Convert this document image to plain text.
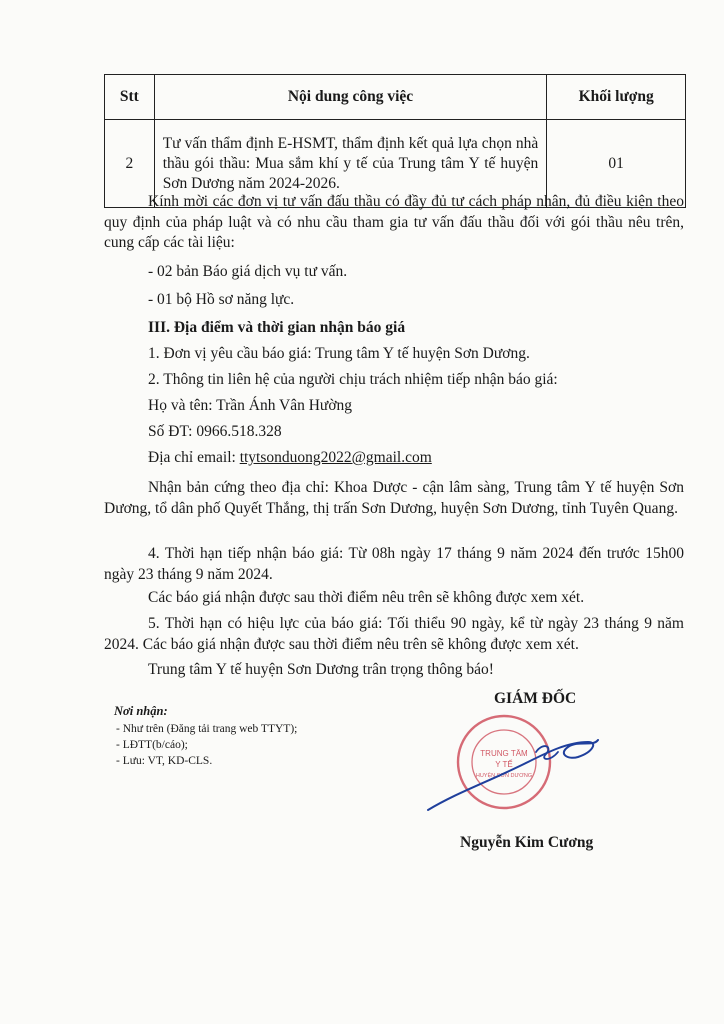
Stt	Nội dung công việc	Khối lượng
2	Tư vấn thẩm định E-HSMT, thẩm định kết quả lựa chọn nhà thầu gói thầu: Mua sắm khí y tế của Trung tâm Y tế huyện Sơn Dương năm 2024-2026.	01

Kính mời các đơn vị tư vấn đấu thầu có đầy đủ tư cách pháp nhân, đủ điều kiện theo quy định của pháp luật và có nhu cầu tham gia tư vấn đấu thầu đối với gói thầu nêu trên, cung cấp các tài liệu:

- 02 bản Báo giá dịch vụ tư vấn.

- 01 bộ Hồ sơ năng lực.

III. Địa điểm và thời gian nhận báo giá

1. Đơn vị yêu cầu báo giá: Trung tâm Y tế huyện Sơn Dương.

2. Thông tin liên hệ của người chịu trách nhiệm tiếp nhận báo giá:

Họ và tên: Trần Ánh Vân Hường

Số ĐT: 0966.518.328

Địa chỉ email: ttytsonduong2022@gmail.com

Nhận bản cứng theo địa chỉ: Khoa Dược - cận lâm sàng, Trung tâm Y tế huyện Sơn Dương, tổ dân phố Quyết Thắng, thị trấn Sơn Dương, huyện Sơn Dương, tỉnh Tuyên Quang.

4. Thời hạn tiếp nhận báo giá: Từ 08h ngày 17 tháng 9 năm 2024 đến trước 15h00 ngày 23 tháng 9 năm 2024.

Các báo giá nhận được sau thời điểm nêu trên sẽ không được xem xét.

5. Thời hạn có hiệu lực của báo giá: Tối thiểu 90 ngày, kể từ ngày 23 tháng 9 năm 2024. Các báo giá nhận được sau thời điểm nêu trên sẽ không được xem xét.

Trung tâm Y tế huyện Sơn Dương trân trọng thông báo!

Nơi nhận:
- Như trên (Đăng tải trang web TTYT);
- LĐTT(b/cáo);
- Lưu: VT, KD-CLS.
GIÁM ĐỐC
TRUNG TÂM
Y TẾ
HUYỆN SƠN DƯƠNG
Nguyễn Kim Cương
